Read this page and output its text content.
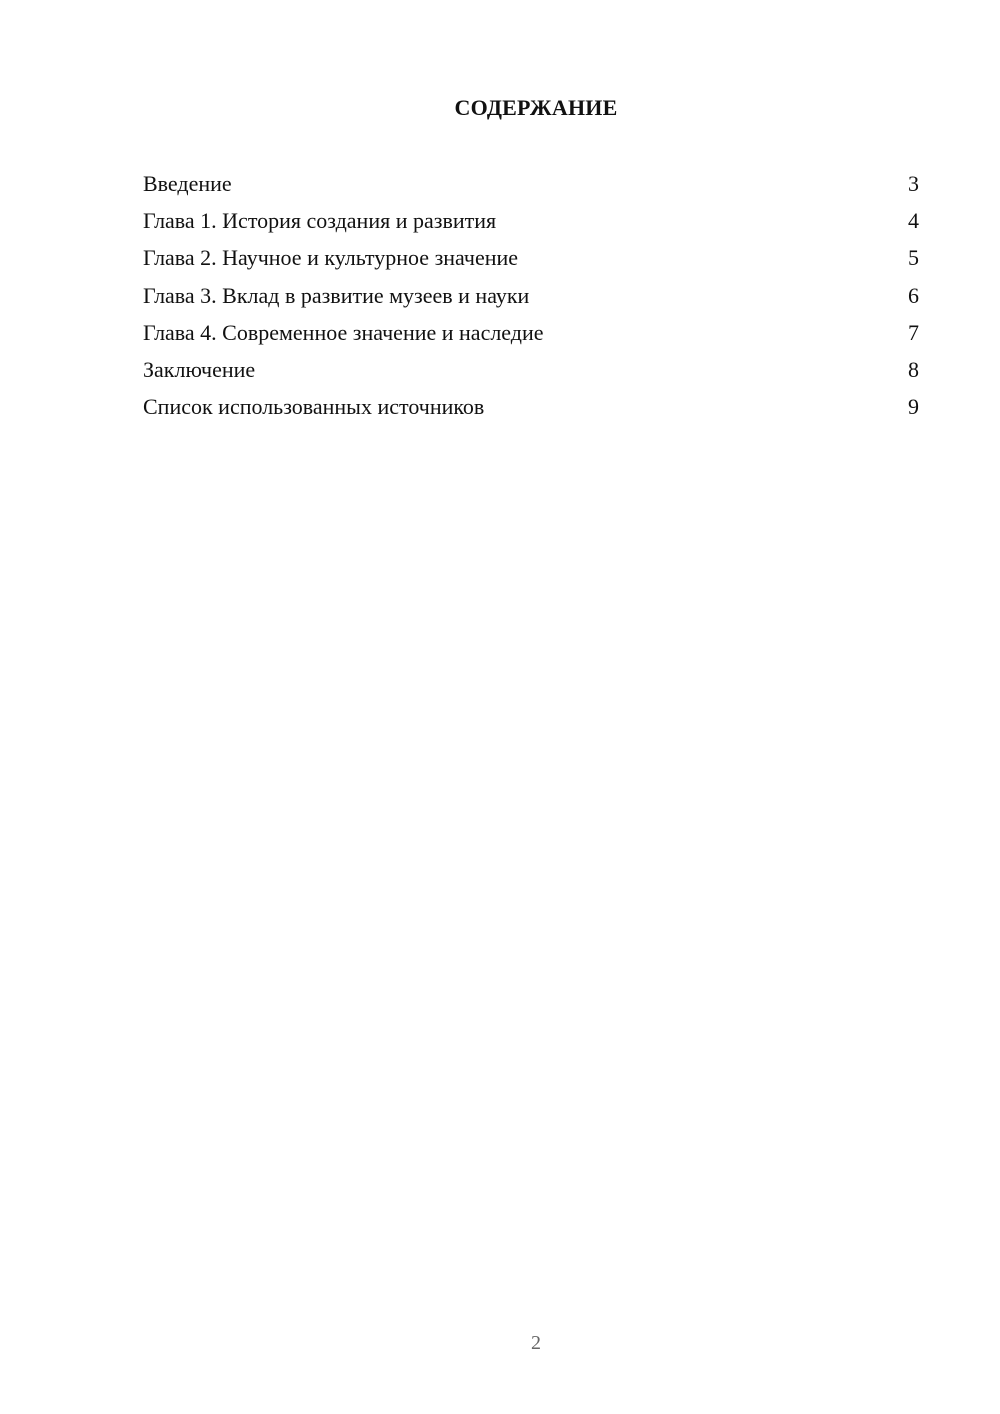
СОДЕРЖАНИЕ
Введение	3
Глава 1. История создания и развития	4
Глава 2. Научное и культурное значение	5
Глава 3. Вклад в развитие музеев и науки	6
Глава 4. Современное значение и наследие	7
Заключение	8
Список использованных источников	9
2
